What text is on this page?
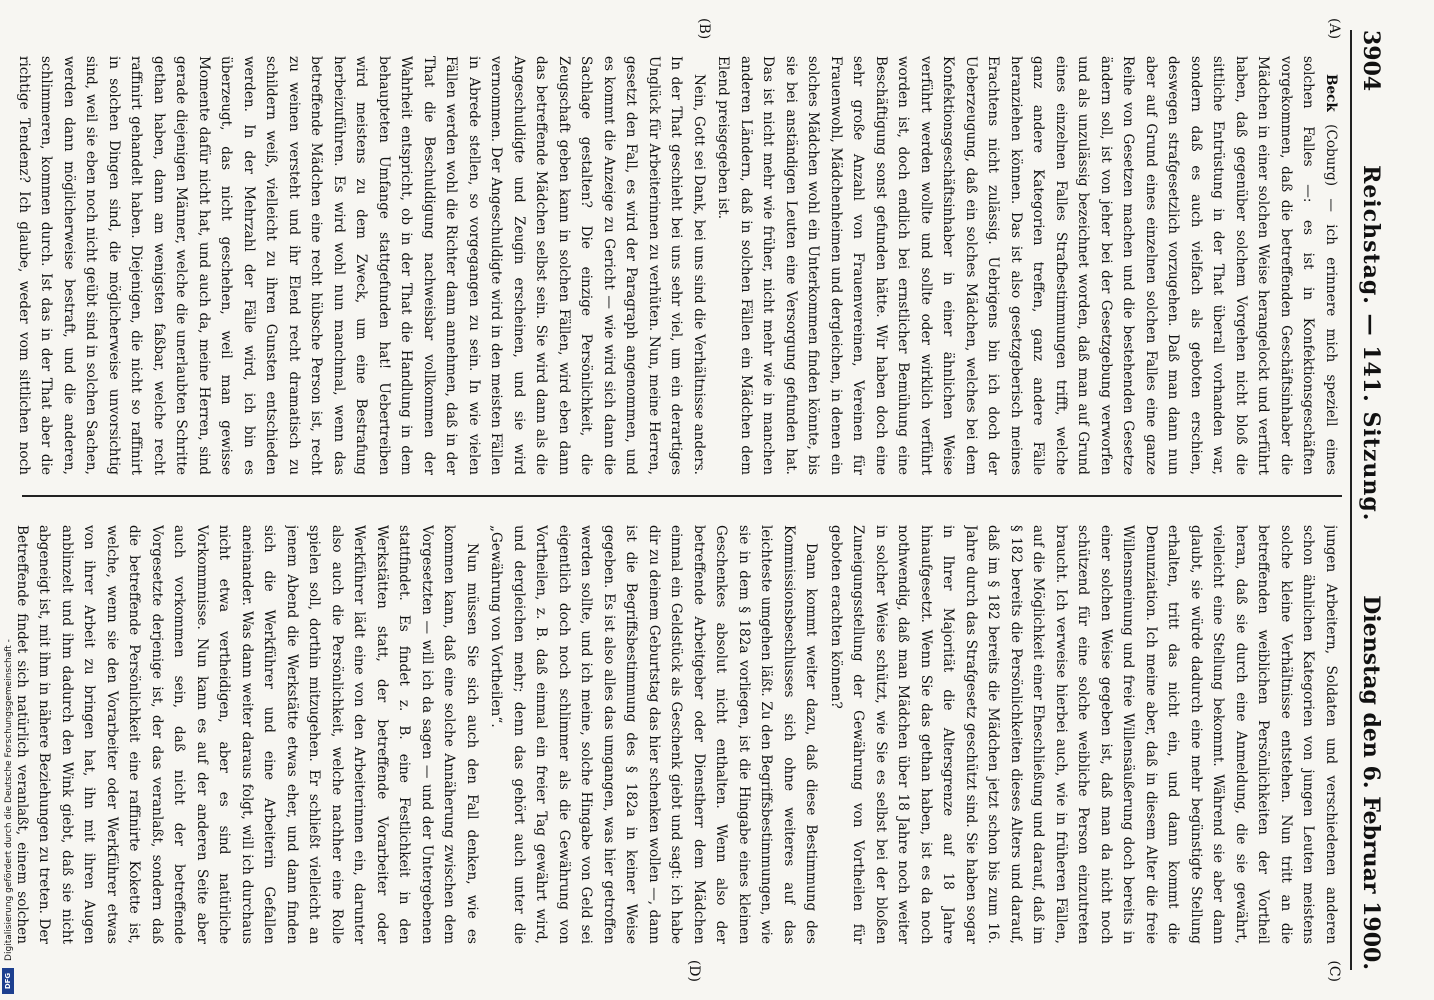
Digitalisierung gefördert durch die Deutsche Forschungsgemeinschaft -
DFG
3904
Reichstag. — 141. Sitzung.
Dienstag den 6. Februar 1900.
(A)
(B)
(C)
(D)

Beck (Coburg) — ich erinnere mich speziell eines solchen Falles —: es ist in Konfektionsgeschäften vorgekommen, daß die betreffenden Geschäftsinhaber die Mädchen in einer solchen Weise herangelockt und verführt haben, daß gegenüber solchem Vorgehen nicht bloß die sittliche Entrüstung in der That überall vorhanden war, sondern daß es auch vielfach als geboten erschien, deswegen strafgesetzlich vorzugehen. Daß man dann nun aber auf Grund eines einzelnen solchen Falles eine ganze Reihe von Gesetzen machen und die bestehenden Gesetze ändern soll, ist von jeher bei der Gesetzgebung verworfen und als unzulässig bezeichnet worden, daß man auf Grund eines einzelnen Falles Strafbestimmungen trifft, welche ganz andere Kategorien treffen, ganz andere Fälle heranziehen können. Das ist also gesetzgeberisch meines Erachtens nicht zulässig. Uebrigens bin ich doch der Ueberzeugung, daß ein solches Mädchen, welches bei dem Konfektionsgeschäftsinhaber in einer ähnlichen Weise verführt werden wollte und sollte oder wirklich verführt worden ist, doch endlich bei ernstlicher Bemühung eine Beschäftigung sonst gefunden hätte. Wir haben doch eine sehr große Anzahl von Frauenvereinen, Vereinen für Frauenwohl, Mädchenheimen und dergleichen, in denen ein solches Mädchen wohl ein Unterkommen finden könnte, bis sie bei anständigen Leuten eine Versorgung gefunden hat. Das ist nicht mehr wie früher, nicht mehr wie in manchen anderen Ländern, daß in solchen Fällen ein Mädchen dem Elend preisgegeben ist.

Nein, Gott sei Dank, bei uns sind die Verhältnisse anders. In der That geschieht bei uns sehr viel, um ein derartiges Unglück für Arbeiterinnen zu verhüten. Nun, meine Herren, gesetzt den Fall, es wird der Paragraph angenommen, und es kommt die Anzeige zu Gericht — wie wird sich dann die Sachlage gestalten? Die einzige Persönlichkeit, die Zeugschaft geben kann in solchen Fällen, wird eben dann das betreffende Mädchen selbst sein. Sie wird dann als die Angeschuldigte und Zeugin erscheinen, und sie wird vernommen. Der Angeschuldigte wird in den meisten Fällen in Abrede stellen, so vorgegangen zu sein. In wie vielen Fällen werden wohl die Richter dann annehmen, daß in der That die Beschuldigung nachweisbar vollkommen der Wahrheit entspricht, ob in der That die Handlung in dem behaupteten Umfange stattgefunden hat! Uebertreiben wird meistens zu dem Zweck, um eine Bestrafung herbeizuführen. Es wird wohl nun manchmal, wenn das betreffende Mädchen eine recht hübsche Person ist, recht zu weinen versteht und ihr Elend recht dramatisch zu schildern weiß, vielleicht zu ihren Gunsten entschieden werden. In der Mehrzahl der Fälle wird, ich bin es überzeugt, das nicht geschehen, weil man gewisse Momente dafür nicht hat, und auch da, meine Herren, sind gerade diejenigen Männer, welche die unerlaubten Schritte gethan haben, dann am wenigsten faßbar, welche recht raffinirt gehandelt haben. Diejenigen, die nicht so raffinirt in solchen Dingen sind, die möglicherweise unvorsichtig sind, weil sie eben noch nicht geübt sind in solchen Sachen, werden dann möglicherweise bestraft, und die anderen, schlimmeren, kommen durch. Ist das in der That aber die richtige Tendenz? Ich glaube, weder vom sittlichen noch

jungen Arbeitern, Soldaten und verschiedenen anderen schon ähnlichen Kategorien von jungen Leuten meistens solche kleine Verhältnisse entstehen. Nun tritt an die betreffenden weiblichen Persönlichkeiten der Vortheil heran, daß sie durch eine Anmeldung, die sie gewährt, vielleicht eine Stellung bekommt. Während sie aber dann glaubt, sie würde dadurch eine mehr begünstigte Stellung erhalten, tritt das nicht ein, und dann kommt die Denunziation. Ich meine aber, daß in diesem Alter die freie Willensmeinung und freie Willensäußerung doch bereits in einer solchen Weise gegeben ist, daß man da nicht noch schützend für eine solche weibliche Person einzutreten braucht. Ich verweise hierbei auch, wie in früheren Fällen, auf die Möglichkeit einer Eheschließung und darauf, daß im § 182 bereits die Persönlichkeiten dieses Alters und darauf, daß im § 182 bereits die Mädchen jetzt schon bis zum 16. Jahre durch das Strafgesetz geschützt sind. Sie haben sogar in Ihrer Majorität die Altersgrenze auf 18 Jahre hinaufgesetzt. Wenn Sie das gethan haben, ist es da noch nothwendig, daß man Mädchen über 18 Jahre noch weiter in solcher Weise schützt, wie Sie es selbst bei der bloßen Zuneigungsstellung der Gewährung von Vortheilen für geboten erachten können?

Dann kommt weiter dazu, daß diese Bestimmung des Kommissionsbeschlusses sich ohne weiteres auf das leichteste umgehen läßt. Zu den Begriffsbestimmungen, wie sie in dem § 182a vorliegen, ist die Hingabe eines kleinen Geschenkes absolut nicht enthalten. Wenn also der betreffende Arbeitgeber oder Dienstherr dem Mädchen einmal ein Geldstück als Geschenk giebt und sagt: ich habe dir zu deinem Geburtstag das hier schenken wollen —, dann ist die Begriffsbestimmung des § 182a in keiner Weise gegeben. Es ist also alles das umgangen, was hier getroffen werden sollte, und ich meine, solche Hingabe von Geld sei eigentlich doch noch schlimmer als die Gewährung von Vortheilen, z. B. daß einmal ein freier Tag gewährt wird, und dergleichen mehr; denn das gehört auch unter die „Gewährung von Vortheilen“.

Nun müssen Sie sich auch den Fall denken, wie es kommen kann, daß eine solche Annäherung zwischen dem Vorgesetzten — will ich da sagen — und der Untergebenen stattfindet. Es findet z. B. eine Festlichkeit in den Werkstätten statt, der betreffende Vorarbeiter oder Werkführer lädt eine von den Arbeiterinnen ein, darunter also auch die Persönlichkeit, welche nachher eine Rolle spielen soll, dorthin mitzugehen. Er schließt vielleicht an jenem Abend die Werkstätte etwas eher, und dann finden sich die Werkführer und eine Arbeiterin Gefallen aneinander. Was dann weiter daraus folgt, will ich durchaus nicht etwa vertheidigen, aber es sind natürliche Vorkommnisse. Nun kann es auf der anderen Seite aber auch vorkommen sein, daß nicht der betreffende Vorgesetzte derjenige ist, der das veranlaßt, sondern daß die betreffende Persönlichkeit eine raffinirte Kokette ist, welche, wenn sie den Vorarbeiter oder Werkführer etwas von ihrer Arbeit zu bringen hat, ihn mit ihren Augen anblinzelt und ihm dadurch den Wink giebt, daß sie nicht abgeneigt ist, mit ihm in nähere Beziehungen zu treten. Der Betreffende findet sich natürlich veranlaßt, einem solchen
